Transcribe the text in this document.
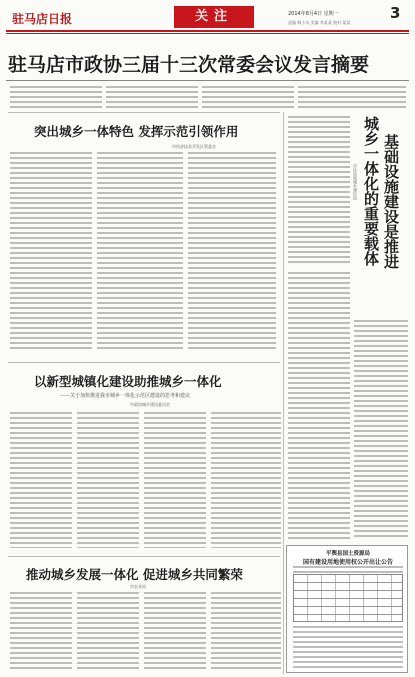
驻马店日报	关注	2014年8月4日 星期一
责编 韩小凤 美编 李某某 校对 某某
3
驻马店市政协三届十三次常委会议发言摘要
突出城乡一体特色 发挥示范引领作用
市经济技术开发区管委会
以新型城镇化建设助推城乡一体化
——关于加快推进我市城乡一体化示范区建设的思考和建议
市政协城乡建设委员会
推动城乡发展一体化 促进城乡共同繁荣
市农业局
基础设施建设是推进
城乡一体化的重要载体
市住房和城乡建设局
平舆县国土资源局
国有建设用地使用权公开出让公告
